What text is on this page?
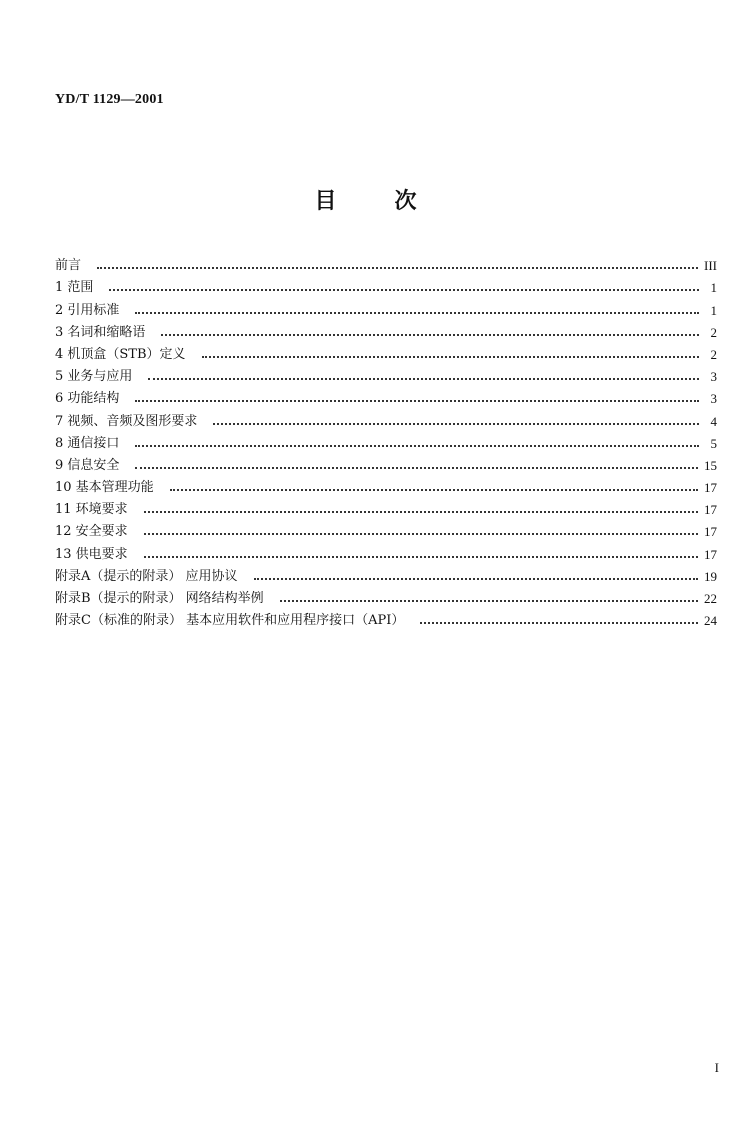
YD/T 1129—2001
目	次
前言	III
1 范围	1
2 引用标准	1
3 名词和缩略语	2
4 机顶盒（STB）定义	2
5 业务与应用	3
6 功能结构	3
7 视频、音频及图形要求	4
8 通信接口	5
9 信息安全	15
10 基本管理功能	17
11 环境要求	17
12 安全要求	17
13 供电要求	17
附录A（提示的附录） 应用协议	19
附录B（提示的附录） 网络结构举例	22
附录C（标准的附录） 基本应用软件和应用程序接口（API）	24
I
